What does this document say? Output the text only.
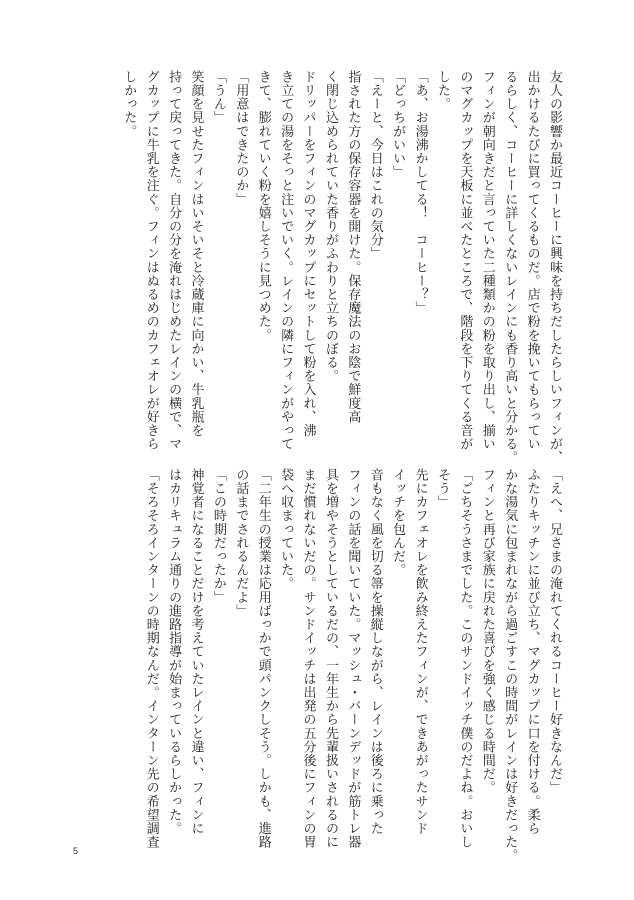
友人の影響か最近コーヒーに興味を持ちだしたらしいフィンが、
出かけるたびに買ってくるものだ。店で粉を挽いてもらってい
るらしく、コーヒーに詳しくないレインにも香り高いと分かる。
フィンが朝向きだと言っていた二種類かの粉を取り出し、揃い
のマグカップを天板に並べたところで、階段を下りてくる音が
した。
「あ、お湯沸かしてる！　コーヒー？」
「どっちがいい」
「えーと、今日はこれの気分」
指された方の保存容器を開けた。保存魔法のお陰で鮮度高
く閉じ込められていた香りがふわりと立ちのぼる。
ドリッパーをフィンのマグカップにセットして粉を入れ、沸
き立ての湯をそっと注いでいく。レインの隣にフィンがやって
きて、膨れていく粉を嬉しそうに見つめた。
「用意はできたのか」
「うん」
笑顔を見せたフィンはいそいそと冷蔵庫に向かい、牛乳瓶を
持って戻ってきた。自分の分を淹れはじめたレインの横で、マ
グカップに牛乳を注ぐ。フィンはぬるめのカフェオレが好きら
しかった。
「えへ、兄さまの淹れてくれるコーヒー好きなんだ」
ふたりキッチンに並び立ち、マグカップに口を付ける。柔ら
かな湯気に包まれながら過ごすこの時間がレインは好きだった。
フィンと再び家族に戻れた喜びを強く感じる時間だ。
「ごちそうさまでした。このサンドイッチ僕のだよね。おいし
そう」
先にカフェオレを飲み終えたフィンが、できあがったサンド
イッチを包んだ。
音もなく風を切る箒を操縦しながら、レインは後ろに乗った
フィンの話を聞いていた。マッシュ・バーンデッドが筋トレ器
具を増やそうとしているだの、一年生から先輩扱いされるのに
まだ慣れないだの。サンドイッチは出発の五分後にフィンの胃
袋へ収まっていた。
「二年生の授業は応用ばっかで頭パンクしそう。しかも、進路
の話までされるんだよ」
「この時期だったか」
神覚者になることだけを考えていたレインと違い、フィンに
はカリキュラム通りの進路指導が始まっているらしかった。
「そろそろインターンの時期なんだ。インターン先の希望調査
5
